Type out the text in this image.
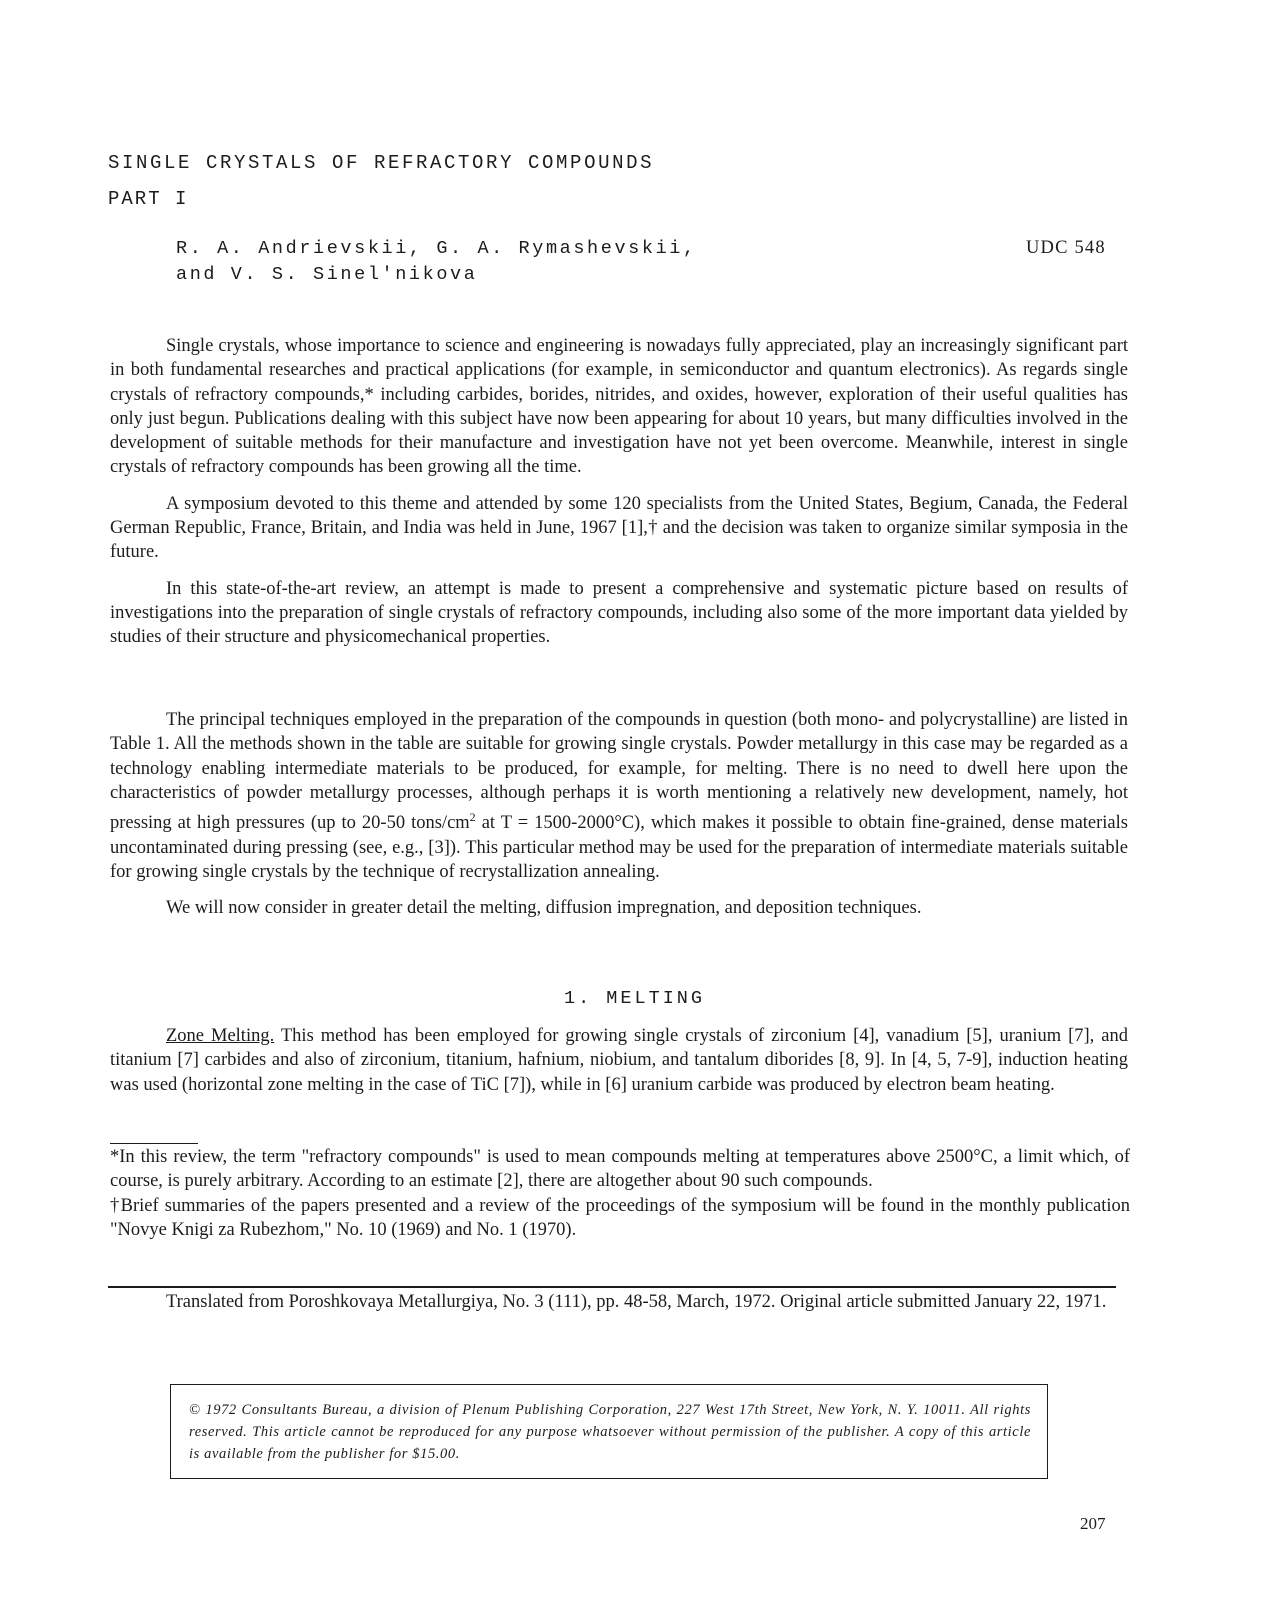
SINGLE CRYSTALS OF REFRACTORY COMPOUNDS
PART I
R. A. Andrievskii, G. A. Rymashevskii,
and V. S. Sinel'nikova
UDC 548

Single crystals, whose importance to science and engineering is nowadays fully appreciated, play an increasingly significant part in both fundamental researches and practical applications (for example, in semiconductor and quantum electronics). As regards single crystals of refractory compounds,* including carbides, borides, nitrides, and oxides, however, exploration of their useful qualities has only just begun. Publications dealing with this subject have now been appearing for about 10 years, but many difficulties involved in the development of suitable methods for their manufacture and investigation have not yet been overcome. Meanwhile, interest in single crystals of refractory compounds has been growing all the time.

A symposium devoted to this theme and attended by some 120 specialists from the United States, Begium, Canada, the Federal German Republic, France, Britain, and India was held in June, 1967 [1],† and the decision was taken to organize similar symposia in the future.

In this state-of-the-art review, an attempt is made to present a comprehensive and systematic picture based on results of investigations into the preparation of single crystals of refractory compounds, including also some of the more important data yielded by studies of their structure and physicomechanical properties.

The principal techniques employed in the preparation of the compounds in question (both mono- and polycrystalline) are listed in Table 1. All the methods shown in the table are suitable for growing single crystals. Powder metallurgy in this case may be regarded as a technology enabling intermediate materials to be produced, for example, for melting. There is no need to dwell here upon the characteristics of powder metallurgy processes, although perhaps it is worth mentioning a relatively new development, namely, hot pressing at high pressures (up to 20-50 tons/$cm^2$ at T = 1500-2000°C), which makes it possible to obtain fine-grained, dense materials uncontaminated during pressing (see, e.g., [3]). This particular method may be used for the preparation of intermediate materials suitable for growing single crystals by the technique of recrystallization annealing.

We will now consider in greater detail the melting, diffusion impregnation, and deposition techniques.

1. MELTING

Zone Melting. This method has been employed for growing single crystals of zirconium [4], vanadium [5], uranium [7], and titanium [7] carbides and also of zirconium, titanium, hafnium, niobium, and tantalum diborides [8, 9]. In [4, 5, 7-9], induction heating was used (horizontal zone melting in the case of TiC [7]), while in [6] uranium carbide was produced by electron beam heating.

*In this review, the term "refractory compounds" is used to mean compounds melting at temperatures above 2500°C, a limit which, of course, is purely arbitrary. According to an estimate [2], there are altogether about 90 such compounds.

†Brief summaries of the papers presented and a review of the proceedings of the symposium will be found in the monthly publication "Novye Knigi za Rubezhom," No. 10 (1969) and No. 1 (1970).

Translated from Poroshkovaya Metallurgiya, No. 3 (111), pp. 48-58, March, 1972. Original article submitted January 22, 1971.
© 1972 Consultants Bureau, a division of Plenum Publishing Corporation, 227 West 17th Street, New York, N. Y. 10011. All rights reserved. This article cannot be reproduced for any purpose whatsoever without permission of the publisher. A copy of this article is available from the publisher for $15.00.
207
